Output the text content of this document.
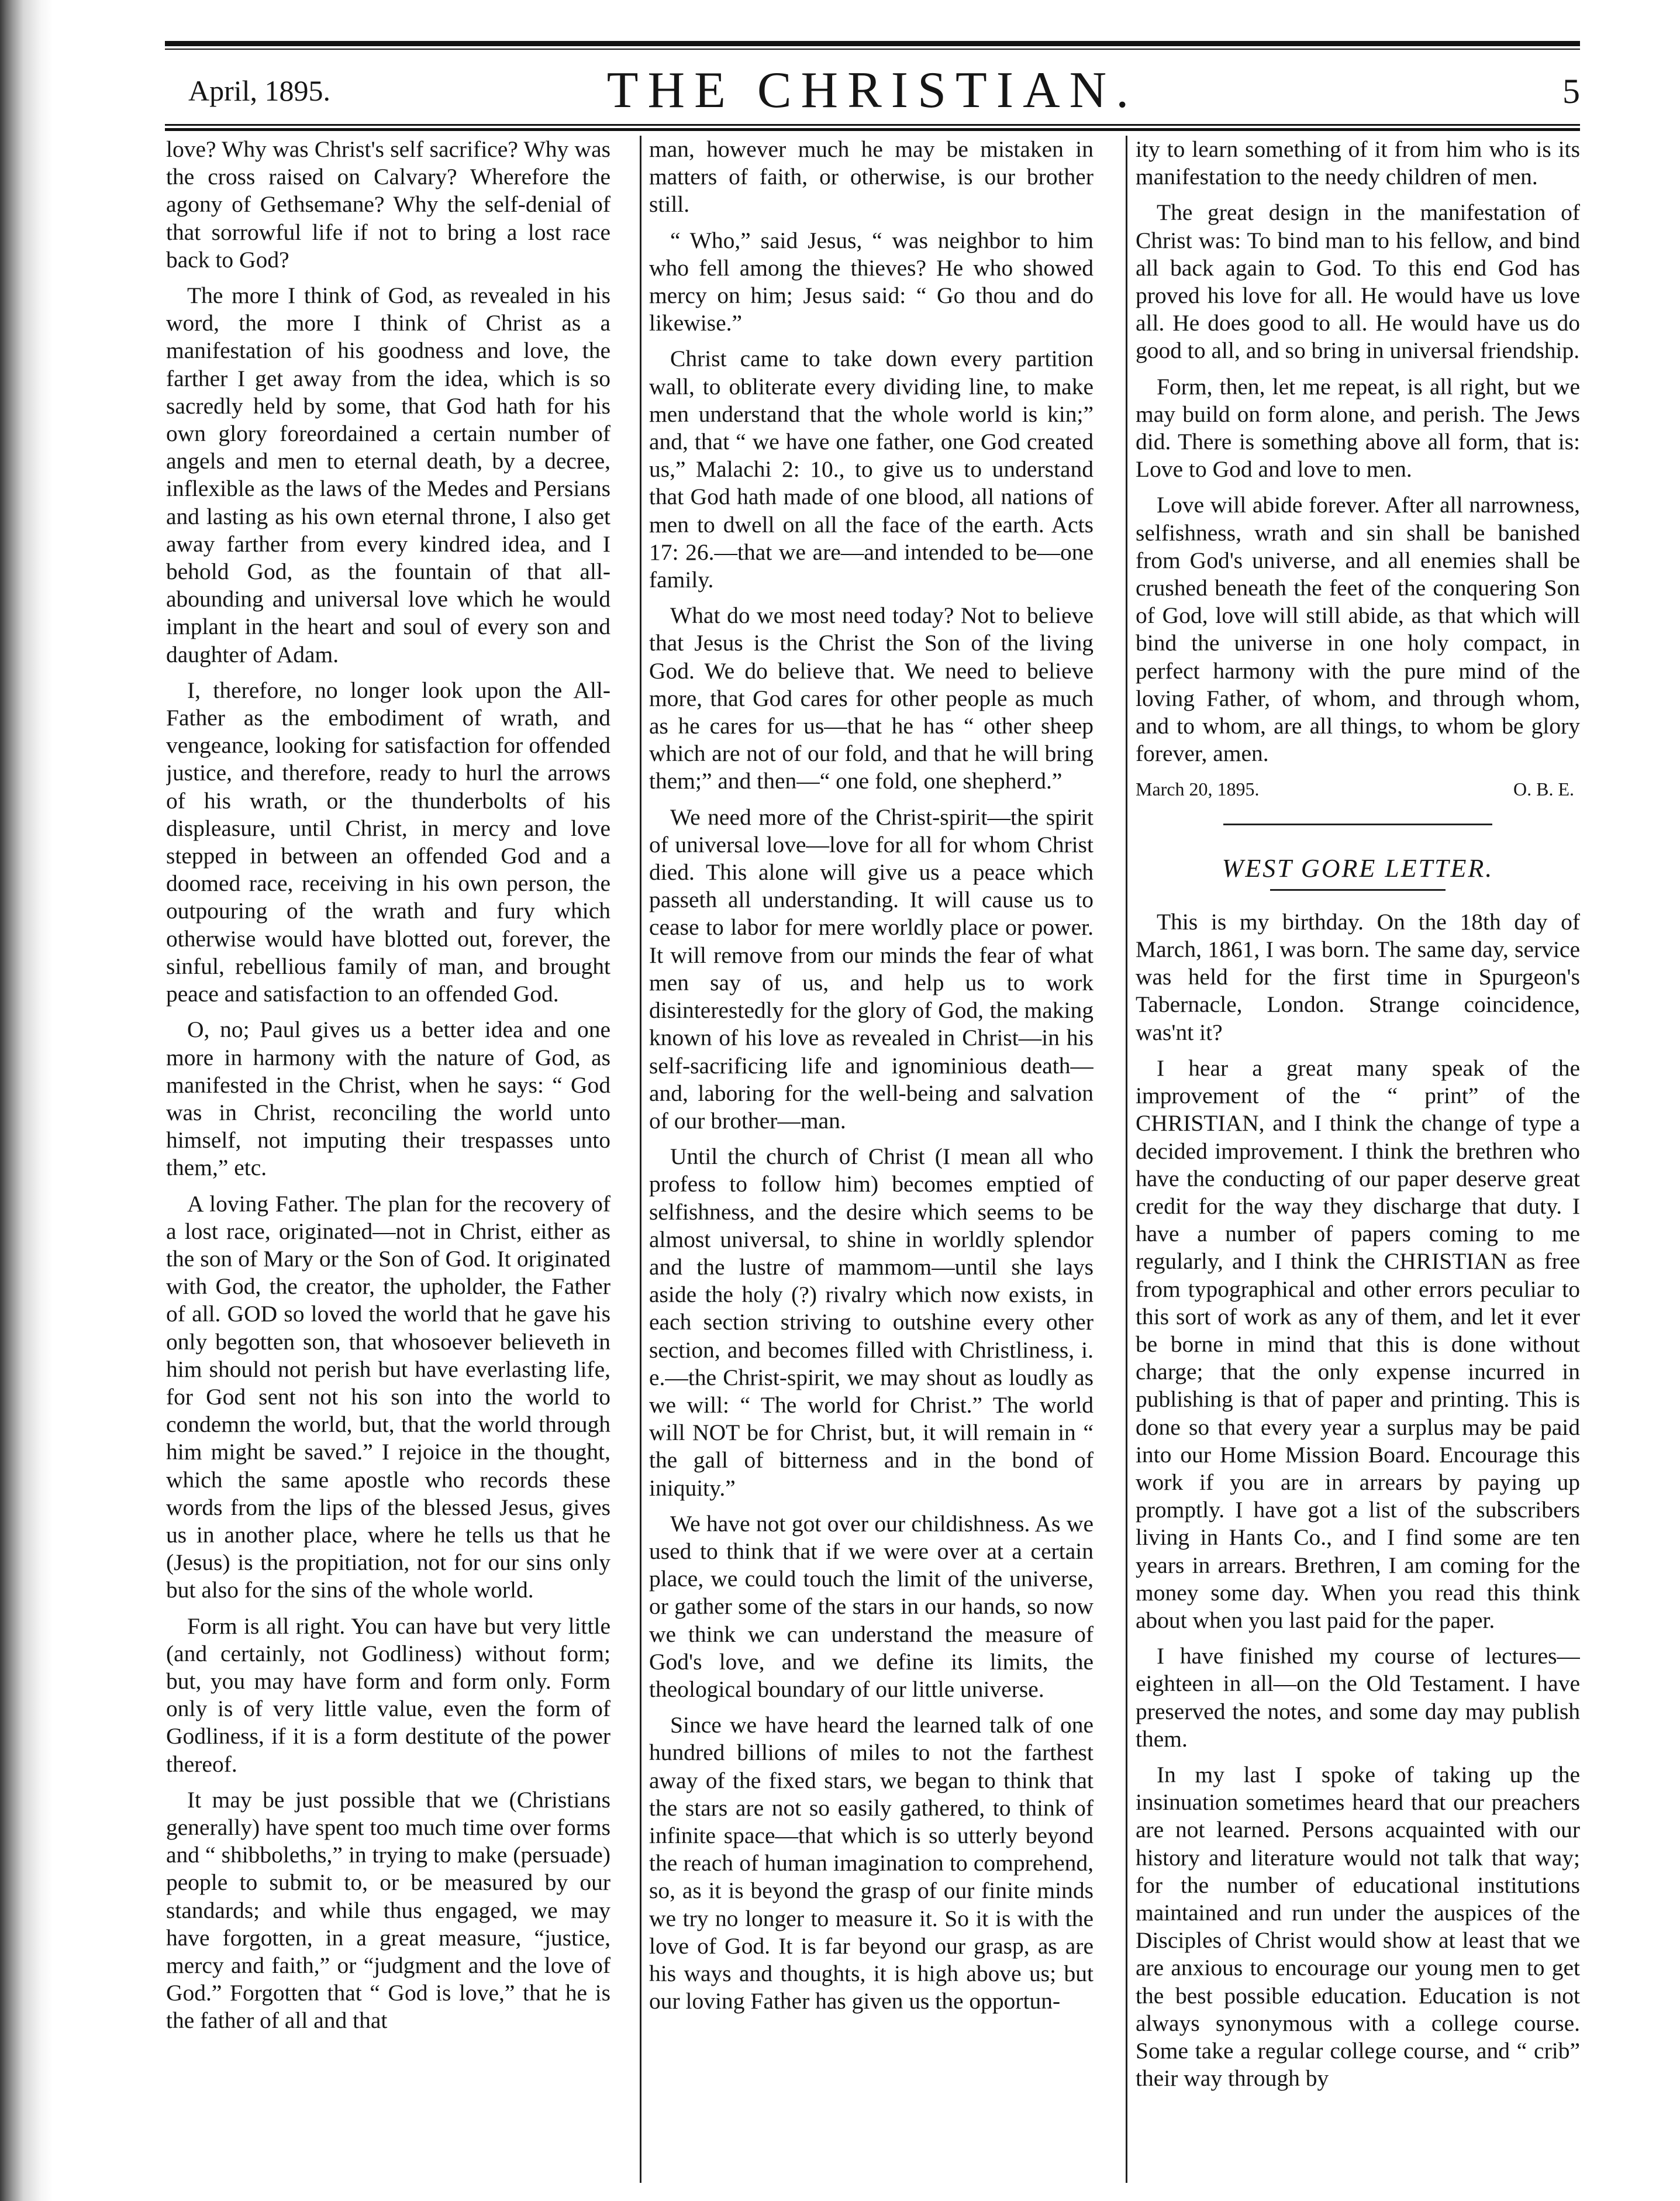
April, 1895.	THE CHRISTIAN.	5

love? Why was Christ's self sacrifice? Why was the cross raised on Calvary? Wherefore the agony of Gethsemane? Why the self-denial of that sorrowful life if not to bring a lost race back to God?

The more I think of God, as revealed in his word, the more I think of Christ as a manifestation of his goodness and love, the farther I get away from the idea, which is so sacredly held by some, that God hath for his own glory foreordained a certain number of angels and men to eternal death, by a decree, inflexible as the laws of the Medes and Persians and lasting as his own eternal throne, I also get away farther from every kindred idea, and I behold God, as the fountain of that all-abounding and universal love which he would implant in the heart and soul of every son and daughter of Adam.

I, therefore, no longer look upon the All-Father as the embodiment of wrath, and vengeance, looking for satisfaction for offended justice, and therefore, ready to hurl the arrows of his wrath, or the thunderbolts of his displeasure, until Christ, in mercy and love stepped in between an offended God and a doomed race, receiving in his own person, the outpouring of the wrath and fury which otherwise would have blotted out, forever, the sinful, rebellious family of man, and brought peace and satisfaction to an offended God.

O, no; Paul gives us a better idea and one more in harmony with the nature of God, as manifested in the Christ, when he says: “ God was in Christ, reconciling the world unto himself, not imputing their trespasses unto them,” etc.

A loving Father. The plan for the recovery of a lost race, originated—not in Christ, either as the son of Mary or the Son of God. It originated with God, the creator, the upholder, the Father of all. GOD so loved the world that he gave his only begotten son, that whosoever believeth in him should not perish but have everlasting life, for God sent not his son into the world to condemn the world, but, that the world through him might be saved.” I rejoice in the thought, which the same apostle who records these words from the lips of the blessed Jesus, gives us in another place, where he tells us that he (Jesus) is the propitiation, not for our sins only but also for the sins of the whole world.

Form is all right. You can have but very little (and certainly, not Godliness) without form; but, you may have form and form only. Form only is of very little value, even the form of Godliness, if it is a form destitute of the power thereof.

It may be just possible that we (Christians generally) have spent too much time over forms and “ shibboleths,” in trying to make (persuade) people to submit to, or be measured by our standards; and while thus engaged, we may have forgotten, in a great measure, “justice, mercy and faith,” or “judgment and the love of God.” Forgotten that “ God is love,” that he is the father of all and that

man, however much he may be mistaken in matters of faith, or otherwise, is our brother still.

“ Who,” said Jesus, “ was neighbor to him who fell among the thieves? He who showed mercy on him; Jesus said: “ Go thou and do likewise.”

Christ came to take down every partition wall, to obliterate every dividing line, to make men understand that the whole world is kin;” and, that “ we have one father, one God created us,” Malachi 2: 10., to give us to understand that God hath made of one blood, all nations of men to dwell on all the face of the earth. Acts 17: 26.—that we are—and intended to be—one family.

What do we most need today? Not to believe that Jesus is the Christ the Son of the living God. We do believe that. We need to believe more, that God cares for other people as much as he cares for us—that he has “ other sheep which are not of our fold, and that he will bring them;” and then—“ one fold, one shepherd.”

We need more of the Christ-spirit—the spirit of universal love—love for all for whom Christ died. This alone will give us a peace which passeth all understanding. It will cause us to cease to labor for mere worldly place or power. It will remove from our minds the fear of what men say of us, and help us to work disinterestedly for the glory of God, the making known of his love as revealed in Christ—in his self-sacrificing life and ignominious death—and, laboring for the well-being and salvation of our brother—man.

Until the church of Christ (I mean all who profess to follow him) becomes emptied of selfishness, and the desire which seems to be almost universal, to shine in worldly splendor and the lustre of mammom—until she lays aside the holy (?) rivalry which now exists, in each section striving to outshine every other section, and becomes filled with Christliness, i. e.—the Christ-spirit, we may shout as loudly as we will: “ The world for Christ.” The world will NOT be for Christ, but, it will remain in “ the gall of bitterness and in the bond of iniquity.”

We have not got over our childishness. As we used to think that if we were over at a certain place, we could touch the limit of the universe, or gather some of the stars in our hands, so now we think we can understand the measure of God's love, and we define its limits, the theological boundary of our little universe.

Since we have heard the learned talk of one hundred billions of miles to not the farthest away of the fixed stars, we began to think that the stars are not so easily gathered, to think of infinite space—that which is so utterly beyond the reach of human imagination to comprehend, so, as it is beyond the grasp of our finite minds we try no longer to measure it. So it is with the love of God. It is far beyond our grasp, as are his ways and thoughts, it is high above us; but our loving Father has given us the opportun-

ity to learn something of it from him who is its manifestation to the needy children of men.

The great design in the manifestation of Christ was: To bind man to his fellow, and bind all back again to God. To this end God has proved his love for all. He would have us love all. He does good to all. He would have us do good to all, and so bring in universal friendship.

Form, then, let me repeat, is all right, but we may build on form alone, and perish. The Jews did. There is something above all form, that is: Love to God and love to men.

Love will abide forever. After all narrowness, selfishness, wrath and sin shall be banished from God's universe, and all enemies shall be crushed beneath the feet of the conquering Son of God, love will still abide, as that which will bind the universe in one holy compact, in perfect harmony with the pure mind of the loving Father, of whom, and through whom, and to whom, are all things, to whom be glory forever, amen.

March 20, 1895.	O. B. E.
WEST GORE LETTER.

This is my birthday. On the 18th day of March, 1861, I was born. The same day, service was held for the first time in Spurgeon's Tabernacle, London. Strange coincidence, was'nt it?

I hear a great many speak of the improvement of the “ print” of the CHRISTIAN, and I think the change of type a decided improvement. I think the brethren who have the conducting of our paper deserve great credit for the way they discharge that duty. I have a number of papers coming to me regularly, and I think the CHRISTIAN as free from typographical and other errors peculiar to this sort of work as any of them, and let it ever be borne in mind that this is done without charge; that the only expense incurred in publishing is that of paper and printing. This is done so that every year a surplus may be paid into our Home Mission Board. Encourage this work if you are in arrears by paying up promptly. I have got a list of the subscribers living in Hants Co., and I find some are ten years in arrears. Brethren, I am coming for the money some day. When you read this think about when you last paid for the paper.

I have finished my course of lectures—eighteen in all—on the Old Testament. I have preserved the notes, and some day may publish them.

In my last I spoke of taking up the insinuation sometimes heard that our preachers are not learned. Persons acquainted with our history and literature would not talk that way; for the number of educational institutions maintained and run under the auspices of the Disciples of Christ would show at least that we are anxious to encourage our young men to get the best possible education. Education is not always synonymous with a college course. Some take a regular college course, and “ crib” their way through by
